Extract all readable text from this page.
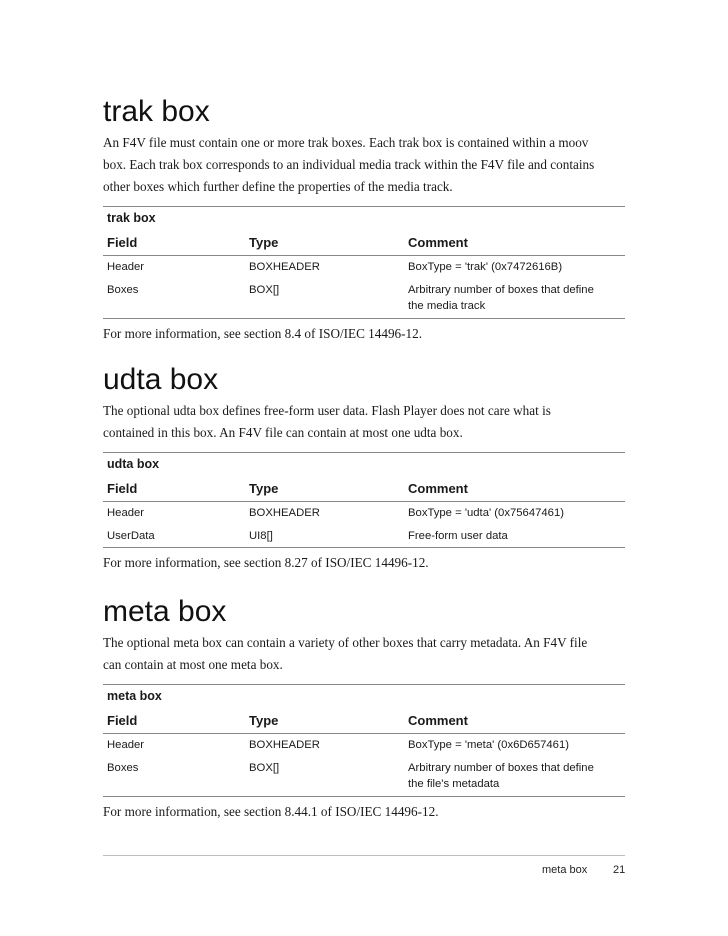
trak box

An F4V file must contain one or more trak boxes. Each trak box is contained within a moov

box. Each trak box corresponds to an individual media track within the F4V file and contains

other boxes which further define the properties of the media track.

trak box
Field	Type	Comment
Header	BOXHEADER	BoxType = 'trak' (0x7472616B)
Boxes	BOX[]	Arbitrary number of boxes that define
the media track
For more information, see section 8.4 of ISO/IEC 14496-12.
udta box

The optional udta box defines free-form user data. Flash Player does not care what is

contained in this box. An F4V file can contain at most one udta box.

udta box
Field	Type	Comment
Header	BOXHEADER	BoxType = 'udta' (0x75647461)
UserData	UI8[]	Free-form user data
For more information, see section 8.27 of ISO/IEC 14496-12.
meta box

The optional meta box can contain a variety of other boxes that carry metadata. An F4V file

can contain at most one meta box.

meta box
Field	Type	Comment
Header	BOXHEADER	BoxType = 'meta' (0x6D657461)
Boxes	BOX[]	Arbitrary number of boxes that define
the file's metadata
For more information, see section 8.44.1 of ISO/IEC 14496-12.
meta box 21
